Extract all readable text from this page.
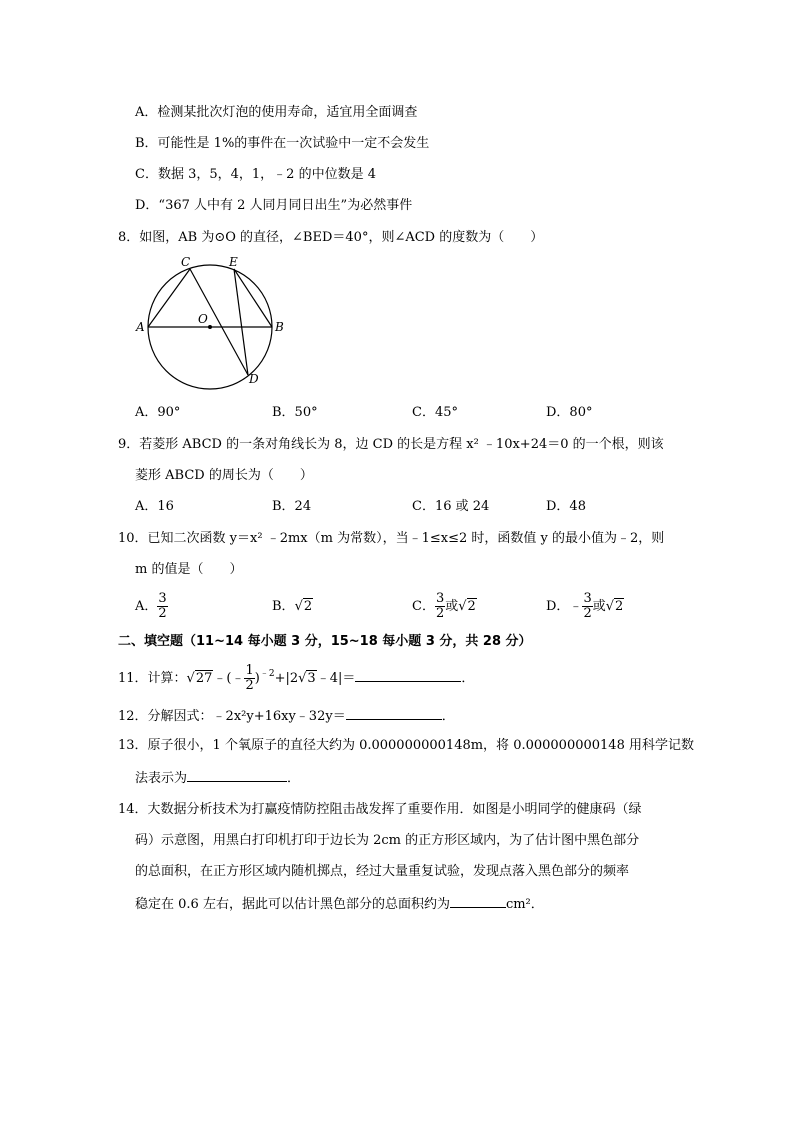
A．检测某批次灯泡的使用寿命，适宜用全面调查
B．可能性是 1%的事件在一次试验中一定不会发生
C．数据 3，5，4，1，﹣2 的中位数是 4
D．“367 人中有 2 人同月同日出生”为必然事件
8．如图，AB 为⊙O 的直径，∠BED＝40°，则∠ACD 的度数为（　　）
A	B
C	E
O
D
A．90°	B．50°	C．45°	D．80°
9．若菱形 ABCD 的一条对角线长为 8，边 CD 的长是方程 x² ﹣10x+24＝0 的一个根，则该
菱形 ABCD 的周长为（　　）
A．16	B．24	C．16 或 24	D．48
10．已知二次函数 y＝x² ﹣2mx（m 为常数），当﹣1≤x≤2 时，函数值 y 的最小值为﹣2，则
m 的值是（　　）
A． $\frac{3}{2}$	B．√2	C． $\frac{3}{2}$ 或√2	D．﹣ $\frac{3}{2}$ 或√2
二、填空题（11~14 每小题 3 分，15~18 每小题 3 分，共 28 分）
11．计算：√27﹣(﹣ $\frac{1}{2}$ )$^{﹣2}$+|2√3﹣4|＝	．
12．分解因式：﹣2x²y+16xy﹣32y＝	．
13．原子很小，1 个氧原子的直径大约为 0.000000000148m，将 0.000000000148 用科学记数
法表示为	．
14．大数据分析技术为打赢疫情防控阻击战发挥了重要作用．如图是小明同学的健康码（绿
码）示意图，用黑白打印机打印于边长为 2cm 的正方形区域内，为了估计图中黑色部分
的总面积，在正方形区域内随机掷点，经过大量重复试验，发现点落入黑色部分的频率
稳定在 0.6 左右，据此可以估计黑色部分的总面积约为	cm²．
